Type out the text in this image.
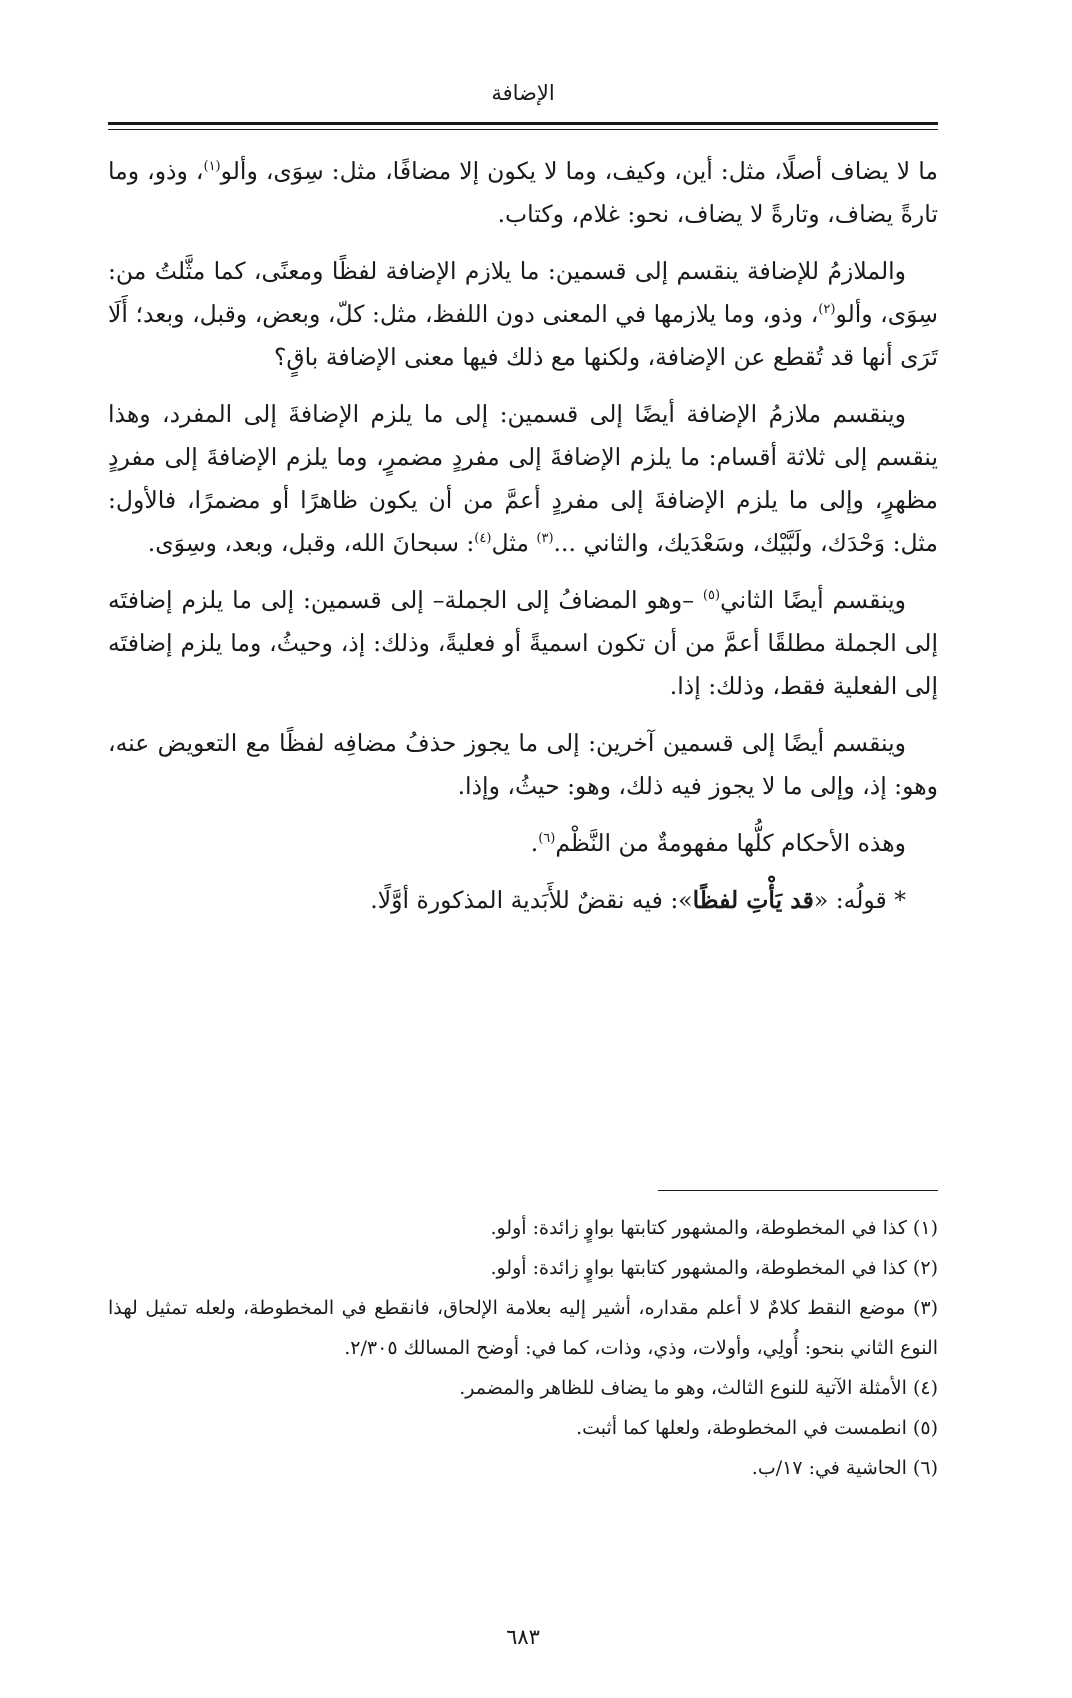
الإضافة

ما لا يضاف أصلًا، مثل: أين، وكيف، وما لا يكون إلا مضافًا، مثل: سِوَى، وألو$^{(١)}$، وذو، وما تارةً يضاف، وتارةً لا يضاف، نحو: غلام، وكتاب.

والملازمُ للإضافة ينقسم إلى قسمين: ما يلازم الإضافة لفظًا ومعنًى، كما مثَّلتُ من: سِوَى، وألو$^{(٢)}$، وذو، وما يلازمها في المعنى دون اللفظ، مثل: كلّ، وبعض، وقبل، وبعد؛ أَلَا تَرَى أنها قد تُقطع عن الإضافة، ولكنها مع ذلك فيها معنى الإضافة باقٍ؟

وينقسم ملازمُ الإضافة أيضًا إلى قسمين: إلى ما يلزم الإضافةَ إلى المفرد، وهذا ينقسم إلى ثلاثة أقسام: ما يلزم الإضافةَ إلى مفردٍ مضمرٍ، وما يلزم الإضافةَ إلى مفردٍ مظهرٍ، وإلى ما يلزم الإضافةَ إلى مفردٍ أعمَّ من أن يكون ظاهرًا أو مضمرًا، فالأول: مثل: وَحْدَك، ولَبَّيْك، وسَعْدَيك، والثاني ...$^{(٣)}$ مثل$^{(٤)}$: سبحانَ الله، وقبل، وبعد، وسِوَى.

وينقسم أيضًا الثاني$^{(٥)}$ –وهو المضافُ إلى الجملة– إلى قسمين: إلى ما يلزم إضافتَه إلى الجملة مطلقًا أعمَّ من أن تكون اسميةً أو فعليةً، وذلك: إذ، وحيثُ، وما يلزم إضافتَه إلى الفعلية فقط، وذلك: إذا.

وينقسم أيضًا إلى قسمين آخرين: إلى ما يجوز حذفُ مضافِه لفظًا مع التعويض عنه، وهو: إذ، وإلى ما لا يجوز فيه ذلك، وهو: حيثُ، وإذا.

وهذه الأحكام كلُّها مفهومةٌ من النَّظْم$^{(٦)}$.

* قولُه: «قد يَأْتِ لفظًا»: فيه نقضٌ للأَبَدية المذكورة أوَّلًا.

(١) كذا في المخطوطة، والمشهور كتابتها بواوٍ زائدة: أولو.

(٢) كذا في المخطوطة، والمشهور كتابتها بواوٍ زائدة: أولو.

(٣) موضع النقط كلامٌ لا أعلم مقداره، أشير إليه بعلامة الإلحاق، فانقطع في المخطوطة، ولعله تمثيل لهذا النوع الثاني بنحو: أُولِي، وأولات، وذي، وذات، كما في: أوضح المسالك ٢/٣٠٥.

(٤) الأمثلة الآتية للنوع الثالث، وهو ما يضاف للظاهر والمضمر.

(٥) انطمست في المخطوطة، ولعلها كما أثبت.

(٦) الحاشية في: ١٧/ب.

٦٨٣
